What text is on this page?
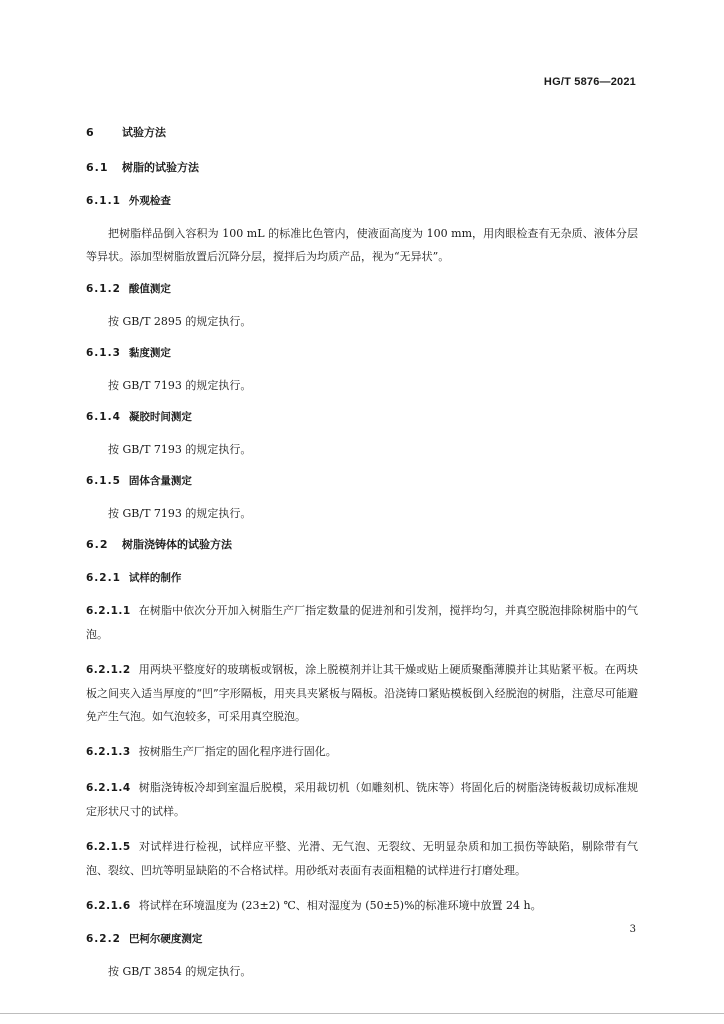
HG/T 5876—2021
6 试验方法
6.1 树脂的试验方法
6.1.1 外观检查

把树脂样品倒入容积为 100 mL 的标准比色管内，使液面高度为 100 mm，用肉眼检查有无杂质、液体分层等异状。添加型树脂放置后沉降分层，搅拌后为均质产品，视为“无异状”。

6.1.2 酸值测定

按 GB/T 2895 的规定执行。

6.1.3 黏度测定

按 GB/T 7193 的规定执行。

6.1.4 凝胶时间测定

按 GB/T 7193 的规定执行。

6.1.5 固体含量测定

按 GB/T 7193 的规定执行。

6.2 树脂浇铸体的试验方法
6.2.1 试样的制作

6.2.1.1 在树脂中依次分开加入树脂生产厂指定数量的促进剂和引发剂，搅拌均匀，并真空脱泡排除树脂中的气泡。

6.2.1.2 用两块平整度好的玻璃板或钢板，涂上脱模剂并让其干燥或贴上硬质聚酯薄膜并让其贴紧平板。在两块板之间夹入适当厚度的“凹”字形隔板，用夹具夹紧板与隔板。沿浇铸口紧贴模板倒入经脱泡的树脂，注意尽可能避免产生气泡。如气泡较多，可采用真空脱泡。

6.2.1.3 按树脂生产厂指定的固化程序进行固化。

6.2.1.4 树脂浇铸板冷却到室温后脱模，采用裁切机（如雕刻机、铣床等）将固化后的树脂浇铸板裁切成标准规定形状尺寸的试样。

6.2.1.5 对试样进行检视，试样应平整、光滑、无气泡、无裂纹、无明显杂质和加工损伤等缺陷，剔除带有气泡、裂纹、凹坑等明显缺陷的不合格试样。用砂纸对表面有表面粗糙的试样进行打磨处理。

6.2.1.6 将试样在环境温度为 (23±2) ℃、相对湿度为 (50±5)%的标准环境中放置 24 h。

6.2.2 巴柯尔硬度测定

按 GB/T 3854 的规定执行。

3
